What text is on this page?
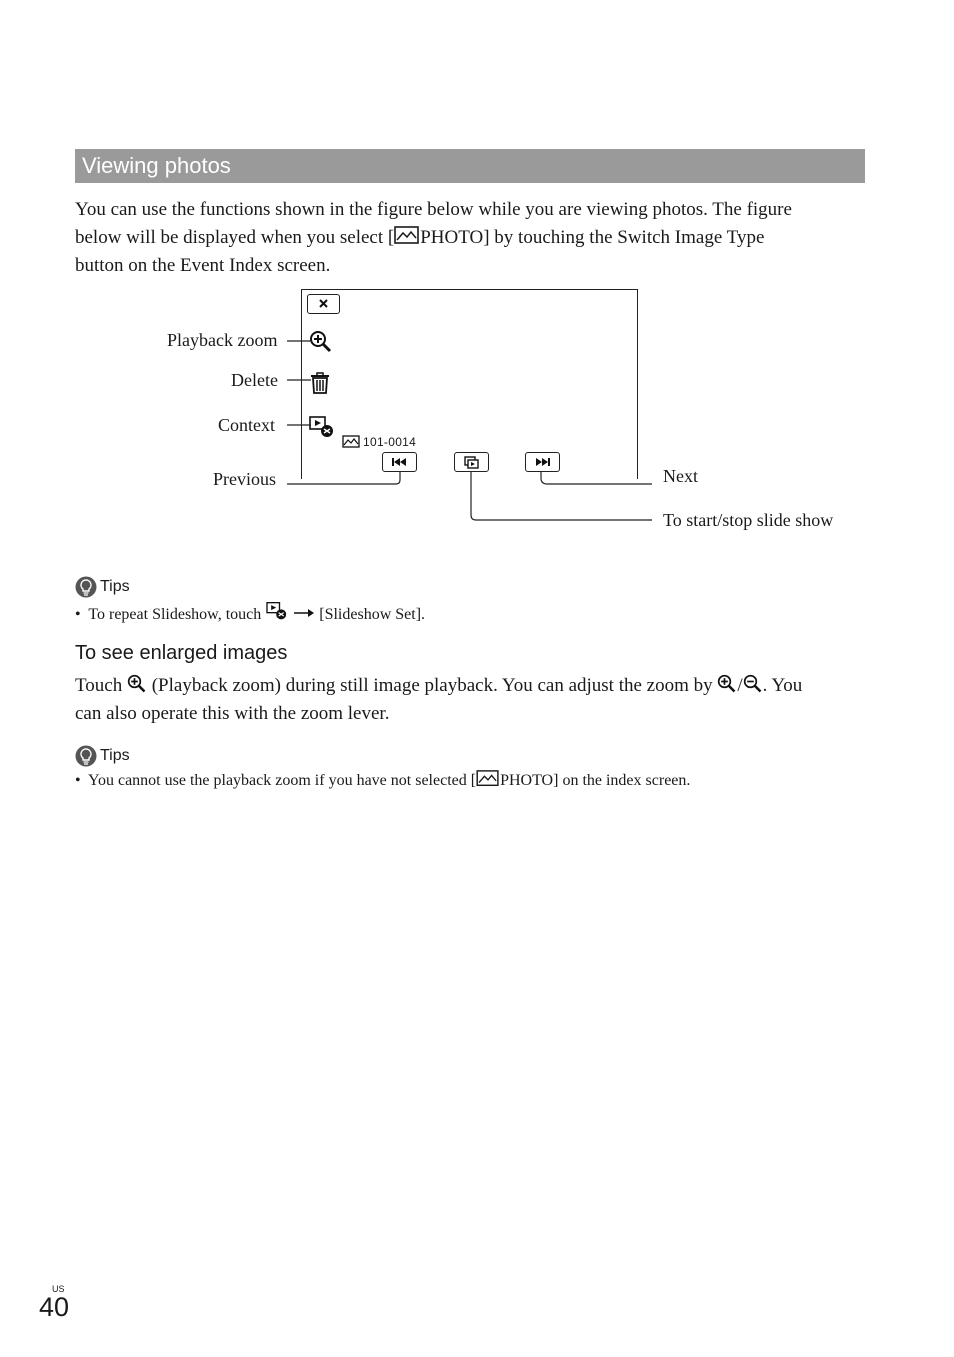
Viewing photos
You can use the functions shown in the figure below while you are viewing photos. The figure
below will be displayed when you select [ PHOTO] by touching the Switch Image Type
button on the Event Index screen.
101-0014
Playback zoom
Delete
Context
Previous	Next
To start/stop slide show
Tips
• To repeat Slideshow, touch	[Slideshow Set].
To see enlarged images
Touch (Playback zoom) during still image playback. You can adjust the zoom by / . You
can also operate this with the zoom lever.
Tips
• You cannot use the playback zoom if you have not selected [ PHOTO] on the index screen.
US
40
